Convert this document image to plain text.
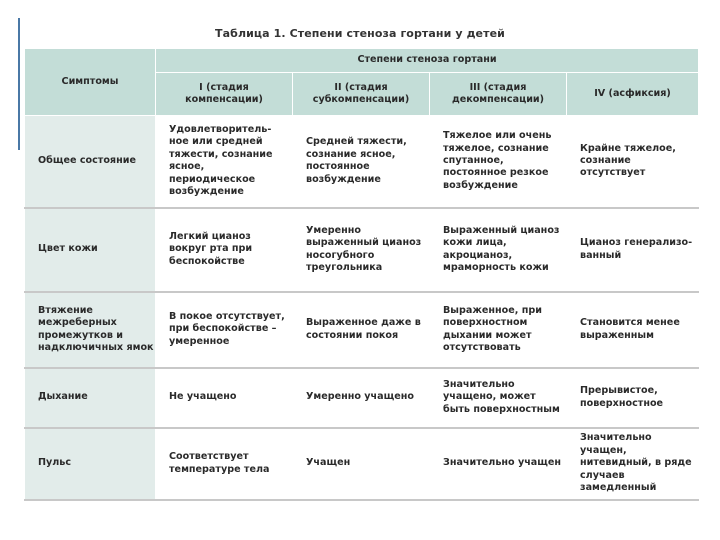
Таблица 1. Степени стеноза гортани у детей
Симптомы	Степени стеноза гортани			
	I (стадия компенсации)	II (стадия субкомпенсации)	III (стадия декомпенсации)	IV (асфиксия)
Общее состояние	Удовлетворитель-ное или средней тяжести, сознание ясное, периодическое возбуждение	Средней тяжести, сознание ясное, постоянное возбуждение	Тяжелое или очень тяжелое, сознание спутанное, постоянное резкое возбуждение	Крайне тяжелое, сознание отсутствует
Цвет кожи	Легкий цианоз вокруг рта при беспокойстве	Умеренно выраженный цианоз носогубного треугольника	Выраженный цианоз кожи лица, акроцианоз, мраморность кожи	Цианоз генерализо-ванный
Втяжение межреберных промежутков и надключичных ямок	В покое отсутствует, при беспокойстве – умеренное	Выраженное даже в состоянии покоя	Выраженное, при поверхностном дыхании может отсутствовать	Становится менее выраженным
Дыхание	Не учащено	Умеренно учащено	Значительно учащено, может быть поверхностным	Прерывистое, поверхностное
Пульс	Соответствует температуре тела	Учащен	Значительно учащен	Значительно учащен, нитевидный, в ряде случаев замедленный
